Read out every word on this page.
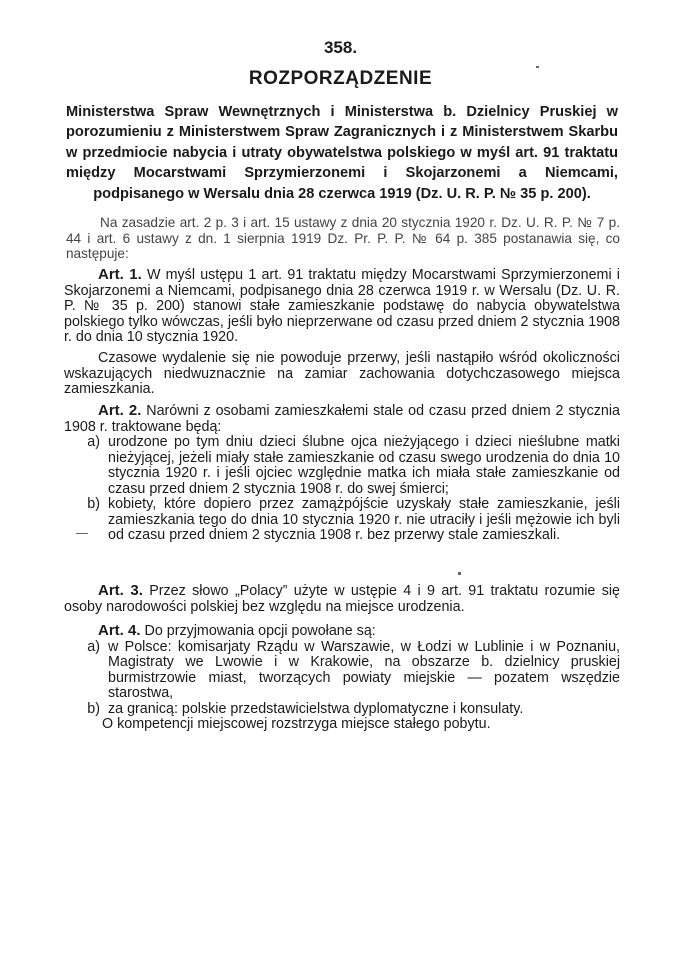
358.
ROZPORZĄDZENIE
Ministerstwa Spraw Wewnętrznych i Ministerstwa b. Dzielnicy Pruskiej w porozumieniu z Ministerstwem Spraw Zagranicznych i z Ministerstwem Skarbu w przedmiocie nabycia i utraty obywatelstwa polskiego w myśl art. 91 traktatu między Mocarstwami Sprzymierzonemi i Skojarzonemi a Niemcami, podpisanego w Wersalu dnia 28 czerwca 1919 (Dz. U. R. P. № 35 p. 200).
Na zasadzie art. 2 p. 3 i art. 15 ustawy z dnia 20 stycznia 1920 r. Dz. U. R. P. № 7 p. 44 i art. 6 ustawy z dn. 1 sierpnia 1919 Dz. Pr. P. P. № 64 p. 385 postanawia się, co następuje:
Art. 1. W myśl ustępu 1 art. 91 traktatu między Mocarstwami Sprzymierzonemi i Skojarzonemi a Niemcami, podpisanego dnia 28 czerwca 1919 r. w Wersalu (Dz. U. R. P. № 35 p. 200) stanowi stałe zamieszkanie podstawę do nabycia obywatelstwa polskiego tylko wówczas, jeśli było nieprzerwane od czasu przed dniem 2 stycznia 1908 r. do dnia 10 stycznia 1920.
Czasowe wydalenie się nie powoduje przerwy, jeśli nastąpiło wśród okoliczności wskazujących niedwuznacznie na zamiar zachowania dotychczasowego miejsca zamieszkania.
Art. 2. Narówni z osobami zamieszkałemi stale od czasu przed dniem 2 stycznia 1908 r. traktowane będą:
a) urodzone po tym dniu dzieci ślubne ojca nieżyjącego i dzieci nieślubne matki nieżyjącej, jeżeli miały stałe zamieszkanie od czasu swego urodzenia do dnia 10 stycznia 1920 r. i jeśli ojciec względnie matka ich miała stałe zamieszkanie od czasu przed dniem 2 stycznia 1908 r. do swej śmierci;
b) kobiety, które dopiero przez zamążpójście uzyskały stałe zamieszkanie, jeśli zamieszkania tego do dnia 10 stycznia 1920 r. nie utraciły i jeśli mężowie ich byli od czasu przed dniem 2 stycznia 1908 r. bez przerwy stale zamieszkali.
Art. 3. Przez słowo „Polacy” użyte w ustępie 4 i 9 art. 91 traktatu rozumie się osoby narodowości polskiej bez względu na miejsce urodzenia.
Art. 4. Do przyjmowania opcji powołane są:
a) w Polsce: komisarjaty Rządu w Warszawie, w Łodzi w Lublinie i w Poznaniu, Magistraty we Lwowie i w Krakowie, na obszarze b. dzielnicy pruskiej burmistrzowie miast, tworzących powiaty miejskie — pozatem wszędzie starostwa,
b) za granicą: polskie przedstawicielstwa dyplomatyczne i konsulaty.
O kompetencji miejscowej rozstrzyga miejsce stałego pobytu.
